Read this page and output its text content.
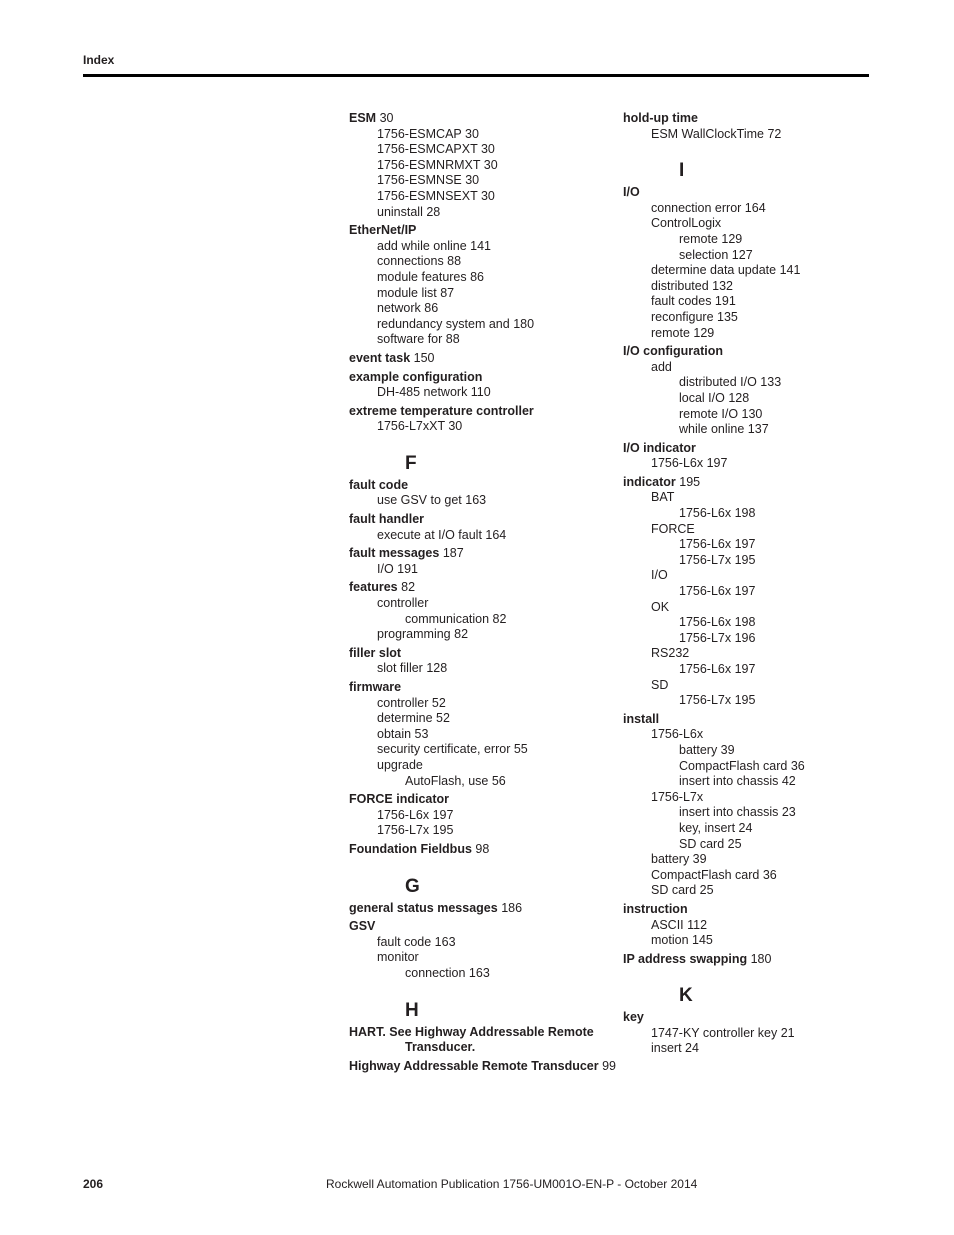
Index
ESM 30
1756-ESMCAP 30
1756-ESMCAPXT 30
1756-ESMNRMXT 30
1756-ESMNSE 30
1756-ESMNSEXT 30
uninstall 28
EtherNet/IP
add while online 141
connections 88
module features 86
module list 87
network 86
redundancy system and 180
software for 88
event task 150
example configuration
DH-485 network 110
extreme temperature controller
1756-L7xXT 30
F
fault code
use GSV to get 163
fault handler
execute at I/O fault 164
fault messages 187
I/O 191
features 82
controller
communication 82
programming 82
filler slot
slot filler 128
firmware
controller 52
determine 52
obtain 53
security certificate, error 55
upgrade
AutoFlash, use 56
FORCE indicator
1756-L6x 197
1756-L7x 195
Foundation Fieldbus 98
G
general status messages 186
GSV
fault code 163
monitor
connection 163
H
HART. See Highway Addressable Remote
Transducer.
Highway Addressable Remote Transducer 99
hold-up time
ESM WallClockTime 72
I
I/O
connection error 164
ControlLogix
remote 129
selection 127
determine data update 141
distributed 132
fault codes 191
reconfigure 135
remote 129
I/O configuration
add
distributed I/O 133
local I/O 128
remote I/O 130
while online 137
I/O indicator
1756-L6x 197
indicator 195
BAT
1756-L6x 198
FORCE
1756-L6x 197
1756-L7x 195
I/O
1756-L6x 197
OK
1756-L6x 198
1756-L7x 196
RS232
1756-L6x 197
SD
1756-L7x 195
install
1756-L6x
battery 39
CompactFlash card 36
insert into chassis 42
1756-L7x
insert into chassis 23
key, insert 24
SD card 25
battery 39
CompactFlash card 36
SD card 25
instruction
ASCII 112
motion 145
IP address swapping 180
K
key
1747-KY controller key 21
insert 24
206	Rockwell Automation Publication 1756-UM001O-EN-P - October 2014
